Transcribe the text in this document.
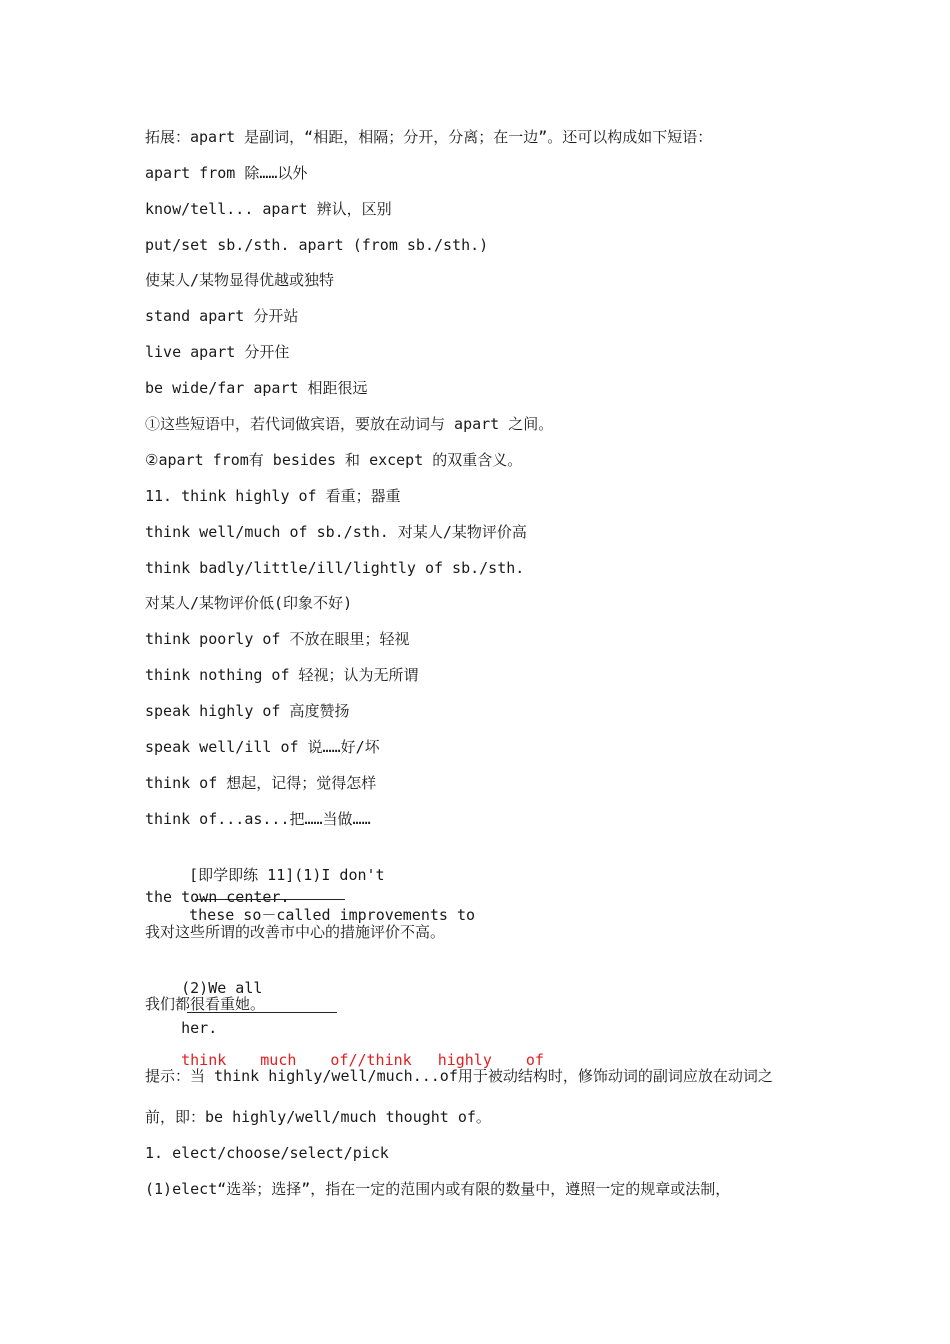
拓展：apart 是副词，“相距，相隔；分开，分离；在一边”。还可以构成如下短语：
apart from 除……以外
know/tell... apart 辨认，区别
put/set sb./sth. apart (from sb./sth.)
使某人/某物显得优越或独特
stand apart 分开站
live apart 分开住
be wide/far apart 相距很远
①这些短语中，若代词做宾语，要放在动词与 apart 之间。
②apart from有 besides 和 except 的双重含义。
11. think highly of 看重；器重
think well/much of sb./sth. 对某人/某物评价高
think badly/little/ill/lightly of sb./sth.
对某人/某物评价低(印象不好)
think poorly of 不放在眼里；轻视
think nothing of 轻视；认为无所谓
speak highly of 高度赞扬
speak well/ill of 说……好/坏
think of 想起，记得；觉得怎样
think of...as...把……当做……

[即学即练 11](1)I don't

these so－called improvements to

the town center.
我对这些所谓的改善市中心的措施评价不高。

(2)We all

her.

我们都很看重她。

think much of//think highly of

提示：当 think highly/well/much...of用于被动结构时，修饰动词的副词应放在动词之
前，即：be highly/well/much thought of。
1. elect/choose/select/pick
(1)elect“选举；选择”，指在一定的范围内或有限的数量中，遵照一定的规章或法制，
